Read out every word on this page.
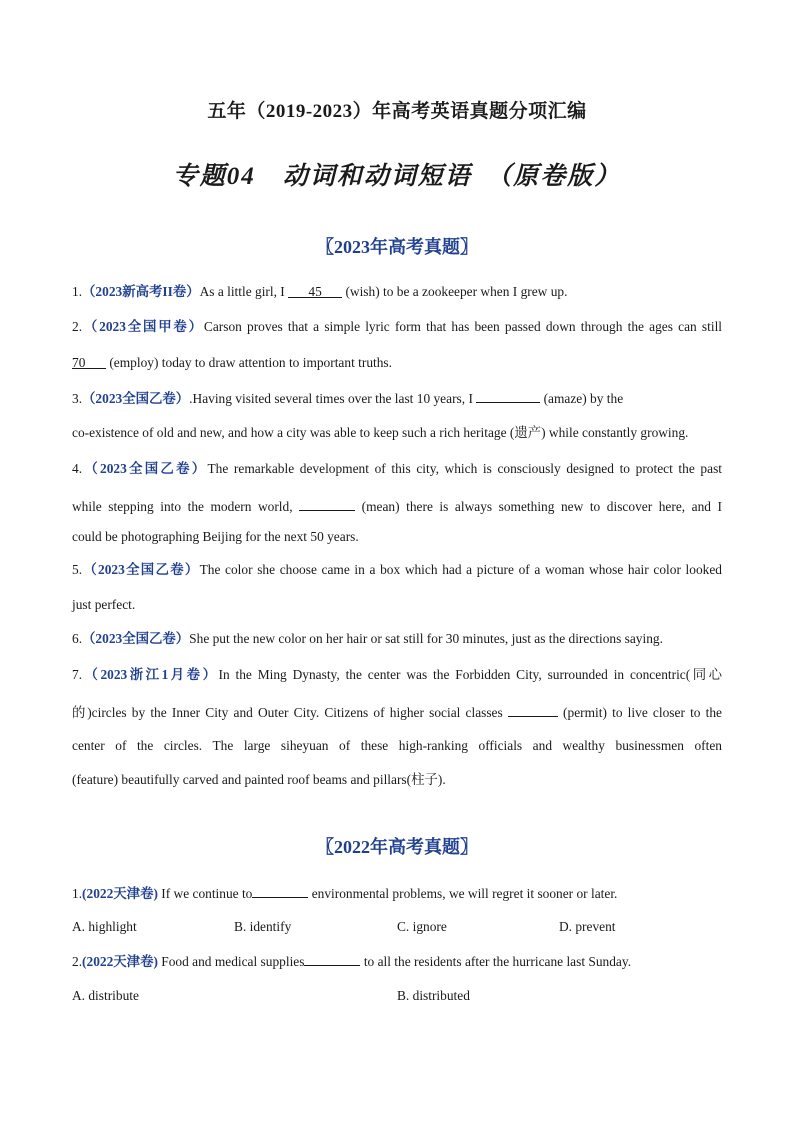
五年（2019-2023）年高考英语真题分项汇编
专题04　动词和动词短语　（原卷版）
〖2023年高考真题〗
1.（2023新高考II卷）As a little girl, I 45 (wish) to be a zookeeper when I grew up.
2.（2023全国甲卷）Carson proves that a simple lyric form that has been passed down through the ages can still
70 (employ) today to draw attention to important truths.
3.（2023全国乙卷）.Having visited several times over the last 10 years, I	(amaze) by the
co-existence of old and new, and how a city was able to keep such a rich heritage (遗产) while constantly growing.
4.（2023全国乙卷）The remarkable development of this city, which is consciously designed to protect the past
while stepping into the modern world,	(mean) there is always something new to discover here, and I
could be photographing Beijing for the next 50 years.
5.（2023全国乙卷）The color she choose came in a box which had a picture of a woman whose hair color looked
just perfect.
6.（2023全国乙卷）She put the new color on her hair or sat still for 30 minutes, just as the directions saying.
7.（2023浙江1月卷）In the Ming Dynasty, the center was the Forbidden City, surrounded in concentric(同心
的)circles by the Inner City and Outer City. Citizens of higher social classes	(permit) to live closer to the
center of the circles. The large siheyuan of these high-ranking officials and wealthy businessmen often
(feature) beautifully carved and painted roof beams and pillars(柱子).
〖2022年高考真题〗
1.(2022天津卷) If we continue to	environmental problems, we will regret it sooner or later.
A. highlight	B. identify	C. ignore	D. prevent
2.(2022天津卷) Food and medical supplies	to all the residents after the hurricane last Sunday.
A. distribute	B. distributed
